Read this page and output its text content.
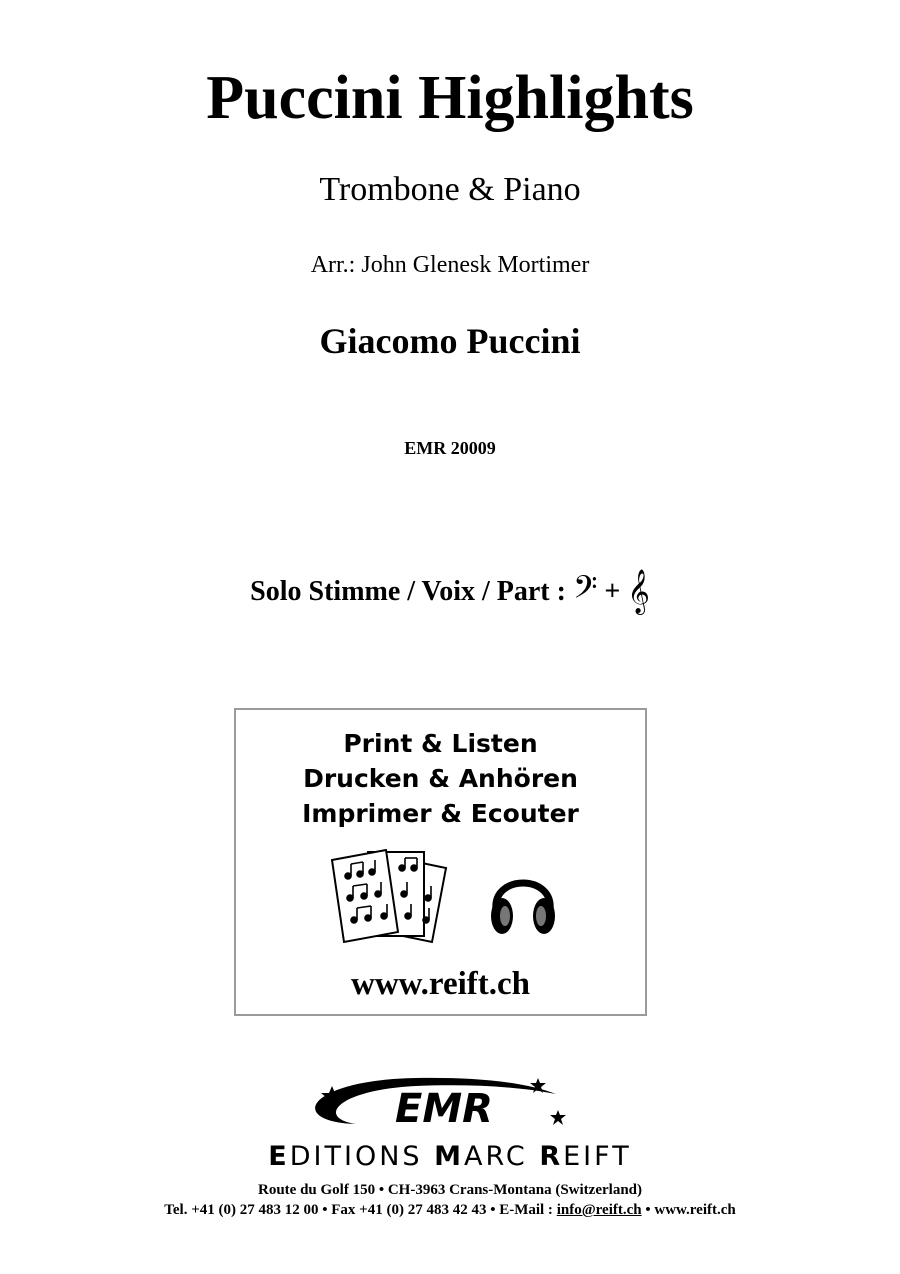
Puccini Highlights
Trombone & Piano
Arr.: John Glenesk Mortimer
Giacomo Puccini
EMR 20009
Solo Stimme / Voix / Part : 𝄢 + 𝄞
Print & Listen
Drucken & Anhören
Imprimer & Ecouter
www.reift.ch
EMR
EDITIONS MARC REIFT
Route du Golf 150 • CH-3963 Crans-Montana (Switzerland)
Tel. +41 (0) 27 483 12 00 • Fax +41 (0) 27 483 42 43 • E-Mail : info@reift.ch • www.reift.ch
